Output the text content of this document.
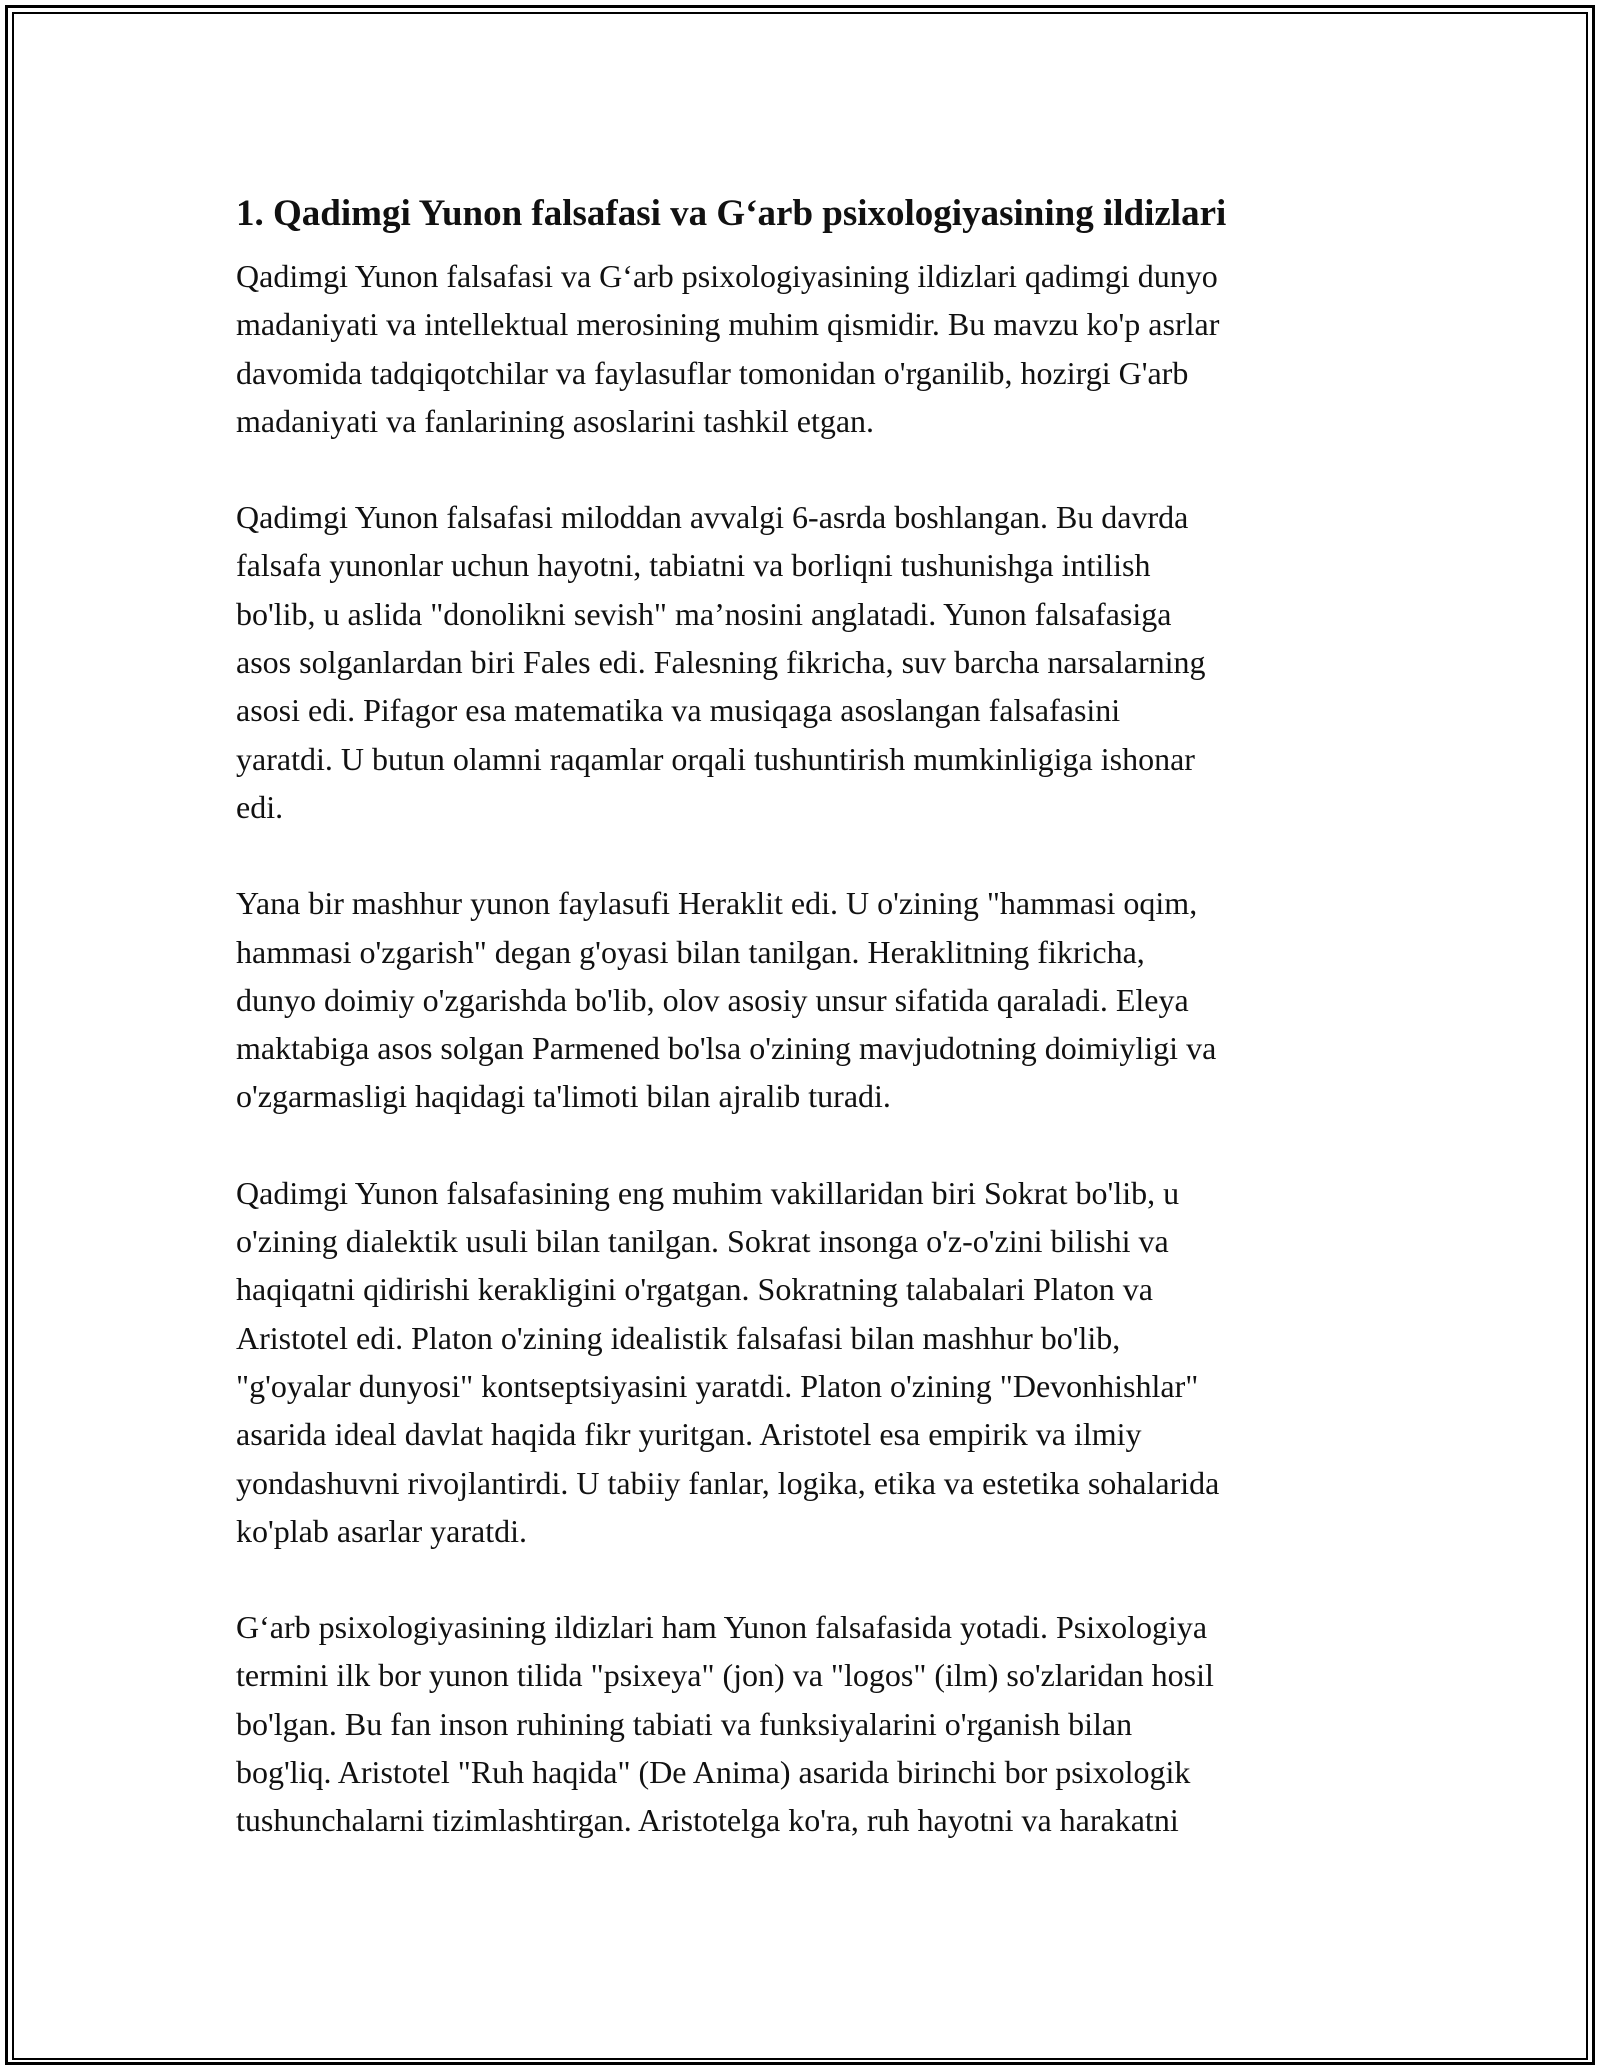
1. Qadimgi Yunon falsafasi va G‘arb psixologiyasining ildizlari

Qadimgi Yunon falsafasi va G‘arb psixologiyasining ildizlari qadimgi dunyo
madaniyati va intellektual merosining muhim qismidir. Bu mavzu ko'p asrlar
davomida tadqiqotchilar va faylasuflar tomonidan o'rganilib, hozirgi G'arb
madaniyati va fanlarining asoslarini tashkil etgan.

Qadimgi Yunon falsafasi miloddan avvalgi 6-asrda boshlangan. Bu davrda
falsafa yunonlar uchun hayotni, tabiatni va borliqni tushunishga intilish
bo'lib, u aslida "donolikni sevish" ma’nosini anglatadi. Yunon falsafasiga
asos solganlardan biri Fales edi. Falesning fikricha, suv barcha narsalarning
asosi edi. Pifagor esa matematika va musiqaga asoslangan falsafasini
yaratdi. U butun olamni raqamlar orqali tushuntirish mumkinligiga ishonar
edi.

Yana bir mashhur yunon faylasufi Heraklit edi. U o'zining "hammasi oqim,
hammasi o'zgarish" degan g'oyasi bilan tanilgan. Heraklitning fikricha,
dunyo doimiy o'zgarishda bo'lib, olov asosiy unsur sifatida qaraladi. Eleya
maktabiga asos solgan Parmened bo'lsa o'zining mavjudotning doimiyligi va
o'zgarmasligi haqidagi ta'limoti bilan ajralib turadi.

Qadimgi Yunon falsafasining eng muhim vakillaridan biri Sokrat bo'lib, u
o'zining dialektik usuli bilan tanilgan. Sokrat insonga o'z-o'zini bilishi va
haqiqatni qidirishi kerakligini o'rgatgan. Sokratning talabalari Platon va
Aristotel edi. Platon o'zining idealistik falsafasi bilan mashhur bo'lib,
"g'oyalar dunyosi" kontseptsiyasini yaratdi. Platon o'zining "Devonhishlar"
asarida ideal davlat haqida fikr yuritgan. Aristotel esa empirik va ilmiy
yondashuvni rivojlantirdi. U tabiiy fanlar, logika, etika va estetika sohalarida
ko'plab asarlar yaratdi.

G‘arb psixologiyasining ildizlari ham Yunon falsafasida yotadi. Psixologiya
termini ilk bor yunon tilida "psixeya" (jon) va "logos" (ilm) so'zlaridan hosil
bo'lgan. Bu fan inson ruhining tabiati va funksiyalarini o'rganish bilan
bog'liq. Aristotel "Ruh haqida" (De Anima) asarida birinchi bor psixologik
tushunchalarni tizimlashtirgan. Aristotelga ko'ra, ruh hayotni va harakatni
